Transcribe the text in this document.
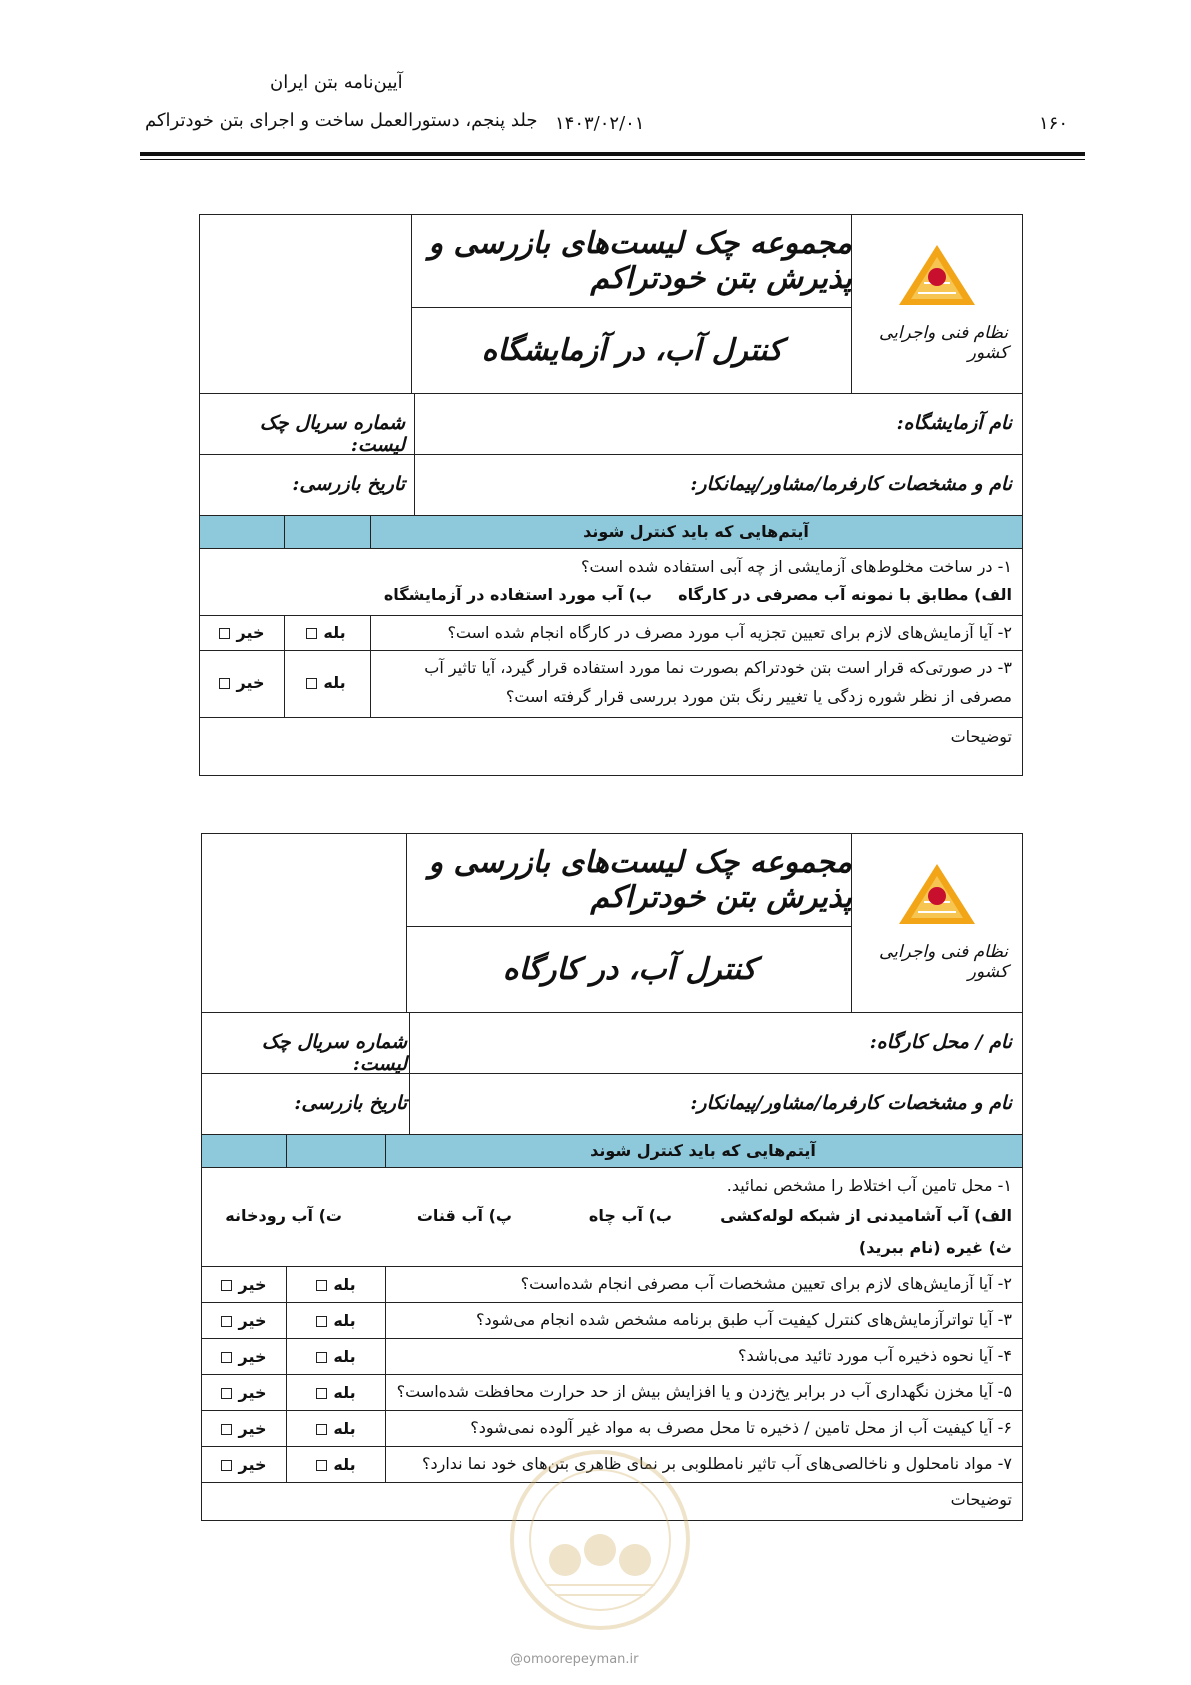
آیین‌نامه بتن ایران
جلد پنجم، دستورالعمل ساخت و اجرای بتن خودتراکم ۱۴۰۳/۰۲/۰۱	۱۶۰
نظام فنی واجرایی کشور
مجموعه چک لیست‌های بازرسی و پذیرش بتن خودتراکم
کنترل آب، در آزمایشگاه
نام آزمایشگاه:
شماره سریال چک لیست:
نام و مشخصات کارفرما/مشاور/پیمانکار:
تاریخ بازرسی:
آیتم‌هایی که باید کنترل شوند
۱- در ساخت مخلوط‌های آزمایشی از چه آبی استفاده شده است؟
الف) مطابق با نمونه آب مصرفی در کارگاه
ب) آب مورد استفاده در آزمایشگاه
۲- آیا آزمایش‌های لازم برای تعیین تجزیه آب مورد مصرف در کارگاه انجام شده است؟
بله
خیر
۳- در صورتی‌که قرار است بتن خودتراکم بصورت نما مورد استفاده قرار گیرد، آیا تاثیر آب
مصرفی از نظر شوره زدگی یا تغییر رنگ بتن مورد بررسی قرار گرفته است؟
بله
خیر
توضیحات
نظام فنی واجرایی کشور
مجموعه چک لیست‌های بازرسی و پذیرش بتن خودتراکم
کنترل آب، در کارگاه
نام / محل کارگاه:
شماره سریال چک لیست:
نام و مشخصات کارفرما/مشاور/پیمانکار:
تاریخ بازرسی:
آیتم‌هایی که باید کنترل شوند
۱- محل تامین آب اختلاط را مشخص نمائید.
الف) آب آشامیدنی از شبکه لوله‌کشی
ب) آب چاه
پ) آب قنات
ت) آب رودخانه
ث) غیره (نام ببرید)
۲- آیا آزمایش‌های لازم برای تعیین مشخصات آب مصرفی انجام شده‌است؟
بله
خیر
۳- آیا تواترآزمایش‌های کنترل کیفیت آب طبق برنامه مشخص شده انجام می‌شود؟
بله
خیر
۴- آیا نحوه ذخیره آب مورد تائید می‌باشد؟
بله
خیر
۵- آیا مخزن نگهداری آب در برابر یخ‌زدن و یا افزایش بیش از حد حرارت محافظت شده‌است؟
بله
خیر
۶- آیا کیفیت آب از محل تامین / ذخیره تا محل مصرف به مواد غیر آلوده نمی‌شود؟
بله
خیر
۷- مواد نامحلول و ناخالصی‌های آب تاثیر نامطلوبی بر نمای ظاهری بتن‌های خود نما ندارد؟
بله
خیر
توضیحات
@omoorepeyman.ir
